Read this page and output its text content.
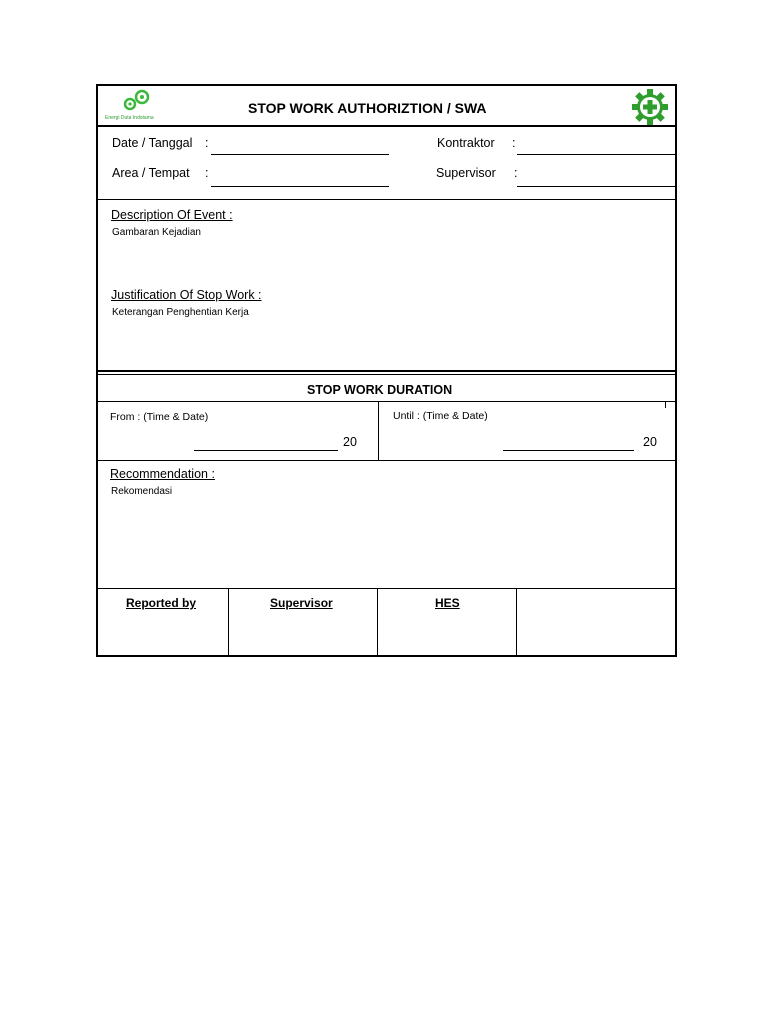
Energi Duta Indotama
STOP WORK AUTHORIZTION / SWA
Date / Tanggal :	Kontraktor :
Area / Tempat :	Supervisor :
Description Of Event :
Gambaran Kejadian
Justification Of Stop Work :
Keterangan Penghentian Kerja
STOP WORK DURATION
From : (Time & Date)
20
Until : (Time & Date)
20
Recommendation :
Rekomendasi
Reported by	Supervisor	HES
